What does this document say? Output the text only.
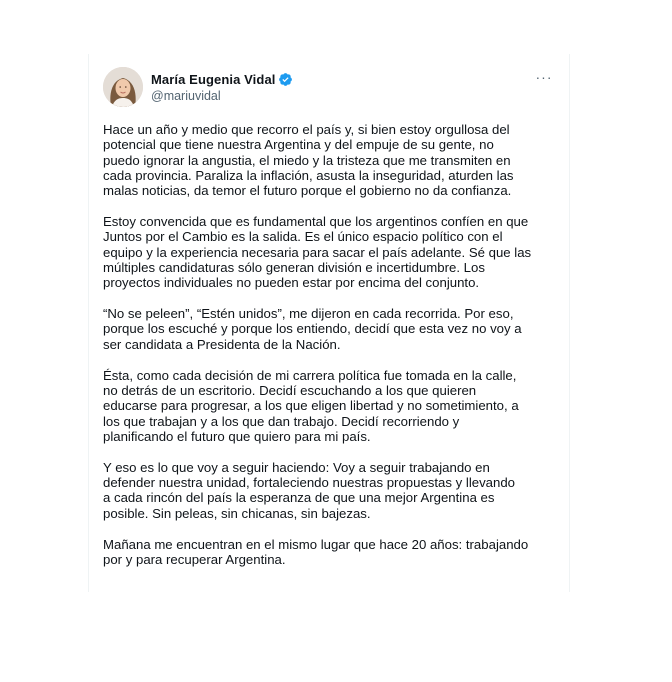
María Eugenia Vidal
@mariuvidal
···

Hace un año y medio que recorro el país y, si bien estoy orgullosa del
potencial que tiene nuestra Argentina y del empuje de su gente, no
puedo ignorar la angustia, el miedo y la tristeza que me transmiten en
cada provincia. Paraliza la inflación, asusta la inseguridad, aturden las
malas noticias, da temor el futuro porque el gobierno no da confianza.

Estoy convencida que es fundamental que los argentinos confíen en que
Juntos por el Cambio es la salida. Es el único espacio político con el
equipo y la experiencia necesaria para sacar el país adelante. Sé que las
múltiples candidaturas sólo generan división e incertidumbre. Los
proyectos individuales no pueden estar por encima del conjunto.

“No se peleen”, “Estén unidos”, me dijeron en cada recorrida. Por eso,
porque los escuché y porque los entiendo, decidí que esta vez no voy a
ser candidata a Presidenta de la Nación.

Ésta, como cada decisión de mi carrera política fue tomada en la calle,
no detrás de un escritorio. Decidí escuchando a los que quieren
educarse para progresar, a los que eligen libertad y no sometimiento, a
los que trabajan y a los que dan trabajo. Decidí recorriendo y
planificando el futuro que quiero para mi país.

Y eso es lo que voy a seguir haciendo: Voy a seguir trabajando en
defender nuestra unidad, fortaleciendo nuestras propuestas y llevando
a cada rincón del país la esperanza de que una mejor Argentina es
posible. Sin peleas, sin chicanas, sin bajezas.

Mañana me encuentran en el mismo lugar que hace 20 años: trabajando
por y para recuperar Argentina.
